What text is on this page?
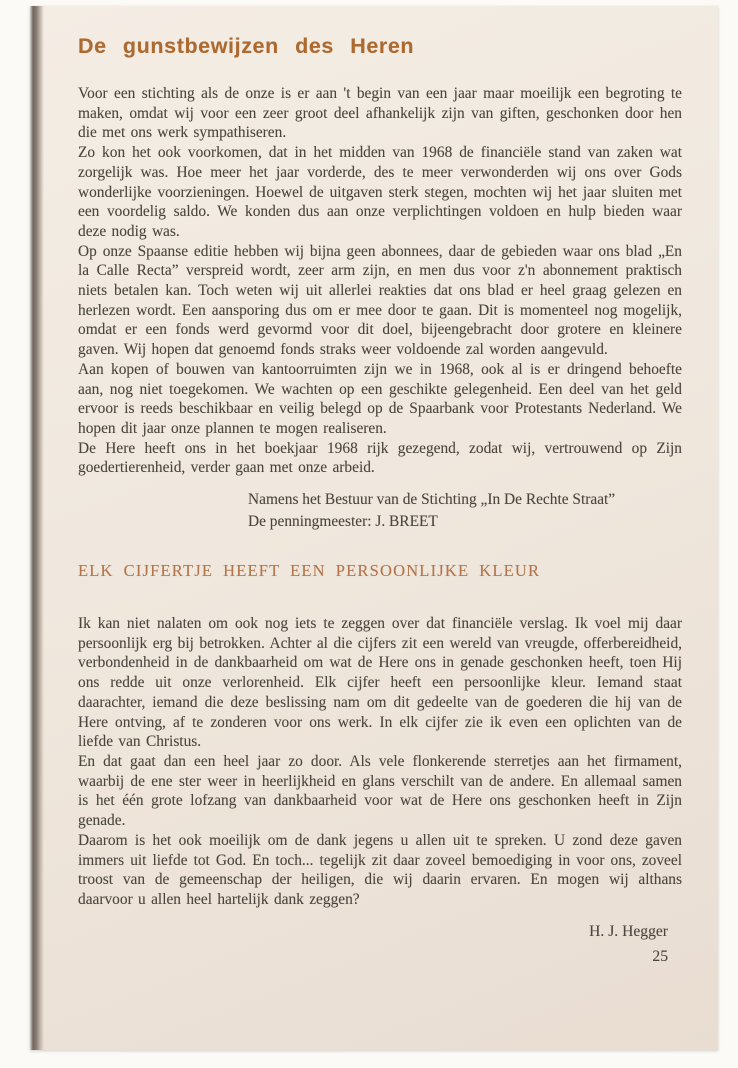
De gunstbewijzen des Heren

Voor een stichting als de onze is er aan 't begin van een jaar maar moeilijk een begroting te maken, omdat wij voor een zeer groot deel afhankelijk zijn van giften, geschonken door hen die met ons werk sympathiseren.

Zo kon het ook voorkomen, dat in het midden van 1968 de financiële stand van zaken wat zorgelijk was. Hoe meer het jaar vorderde, des te meer verwonderden wij ons over Gods wonderlijke voorzieningen. Hoewel de uitgaven sterk stegen, mochten wij het jaar sluiten met een voordelig saldo. We konden dus aan onze verplichtingen voldoen en hulp bieden waar deze nodig was.

Op onze Spaanse editie hebben wij bijna geen abonnees, daar de gebieden waar ons blad „En la Calle Recta” verspreid wordt, zeer arm zijn, en men dus voor z'n abonnement praktisch niets betalen kan. Toch weten wij uit allerlei reakties dat ons blad er heel graag gelezen en herlezen wordt. Een aansporing dus om er mee door te gaan. Dit is momenteel nog mogelijk, omdat er een fonds werd gevormd voor dit doel, bijeengebracht door grotere en kleinere gaven. Wij hopen dat genoemd fonds straks weer voldoende zal worden aangevuld.

Aan kopen of bouwen van kantoorruimten zijn we in 1968, ook al is er dringend behoefte aan, nog niet toegekomen. We wachten op een geschikte gelegenheid. Een deel van het geld ervoor is reeds beschikbaar en veilig belegd op de Spaarbank voor Protestants Nederland. We hopen dit jaar onze plannen te mogen realiseren.

De Here heeft ons in het boekjaar 1968 rijk gezegend, zodat wij, vertrouwend op Zijn goedertierenheid, verder gaan met onze arbeid.

Namens het Bestuur van de Stichting „In De Rechte Straat”

De penningmeester: J. BREET

ELK CIJFERTJE HEEFT EEN PERSOONLIJKE KLEUR

Ik kan niet nalaten om ook nog iets te zeggen over dat financiële verslag. Ik voel mij daar persoonlijk erg bij betrokken. Achter al die cijfers zit een wereld van vreugde, offerbereidheid, verbondenheid in de dankbaarheid om wat de Here ons in genade geschonken heeft, toen Hij ons redde uit onze verlorenheid. Elk cijfer heeft een persoonlijke kleur. Iemand staat daarachter, iemand die deze beslissing nam om dit gedeelte van de goederen die hij van de Here ontving, af te zonderen voor ons werk. In elk cijfer zie ik even een oplichten van de liefde van Christus.

En dat gaat dan een heel jaar zo door. Als vele flonkerende sterretjes aan het firmament, waarbij de ene ster weer in heerlijkheid en glans verschilt van de andere. En allemaal samen is het één grote lofzang van dankbaarheid voor wat de Here ons geschonken heeft in Zijn genade.

Daarom is het ook moeilijk om de dank jegens u allen uit te spreken. U zond deze gaven immers uit liefde tot God. En toch... tegelijk zit daar zoveel bemoediging in voor ons, zoveel troost van de gemeenschap der heiligen, die wij daarin ervaren. En mogen wij althans daarvoor u allen heel hartelijk dank zeggen?

H. J. Hegger
25
